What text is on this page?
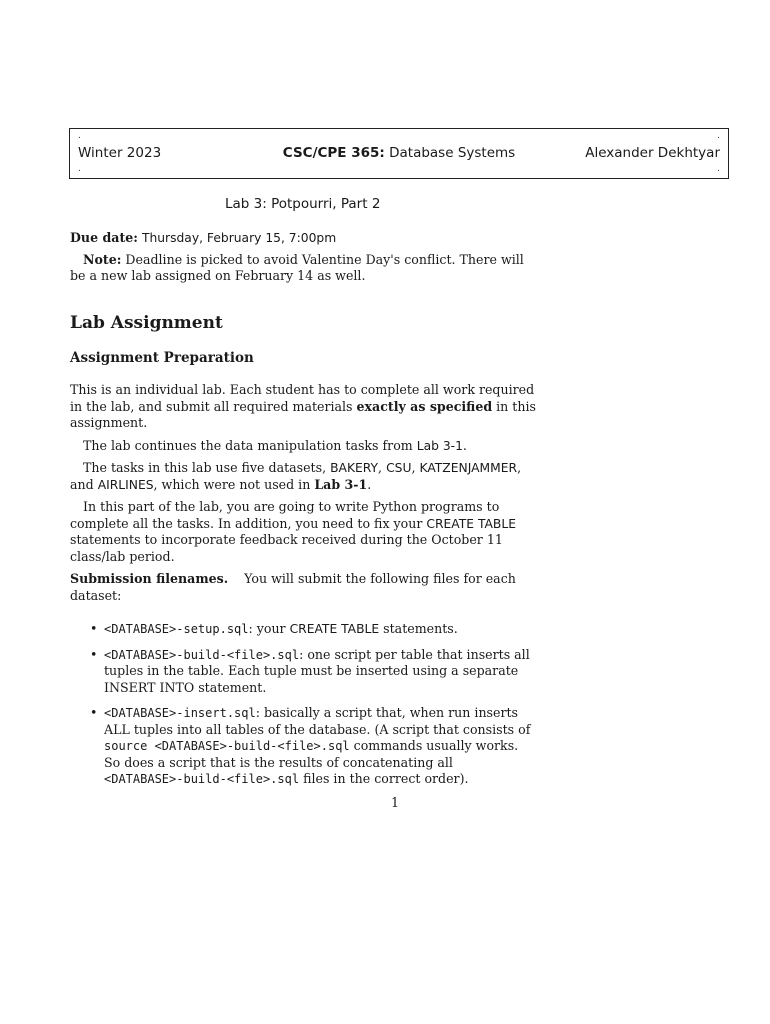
.	.
.	.
Winter 2023	CSC/CPE 365: Database Systems	Alexander Dekhtyar
Lab 3: Potpourri, Part 2

Due date: Thursday, February 15, 7:00pm

Note: Deadline is picked to avoid Valentine Day's conflict. There will be a new lab assigned on February 14 as well.

Lab Assignment
Assignment Preparation

This is an individual lab. Each student has to complete all work required in the lab, and submit all required materials exactly as specified in this assignment.

The lab continues the data manipulation tasks from Lab 3-1.

The tasks in this lab use five datasets, BAKERY, CSU, KATZENJAMMER, and AIRLINES, which were not used in Lab 3-1.

In this part of the lab, you are going to write Python programs to complete all the tasks. In addition, you need to fix your CREATE TABLE statements to incorporate feedback received during the October 11 class/lab period.

Submission filenames. You will submit the following files for each dataset:

• <DATABASE>-setup.sql: your CREATE TABLE statements.
• <DATABASE>-build-<file>.sql: one script per table that inserts all tuples in the table. Each tuple must be inserted using a separate INSERT INTO statement.
• <DATABASE>-insert.sql: basically a script that, when run inserts ALL tuples into all tables of the database. (A script that consists of source <DATABASE>-build-<file>.sql commands usually works. So does a script that is the results of concatenating all <DATABASE>-build-<file>.sql files in the correct order).
1
